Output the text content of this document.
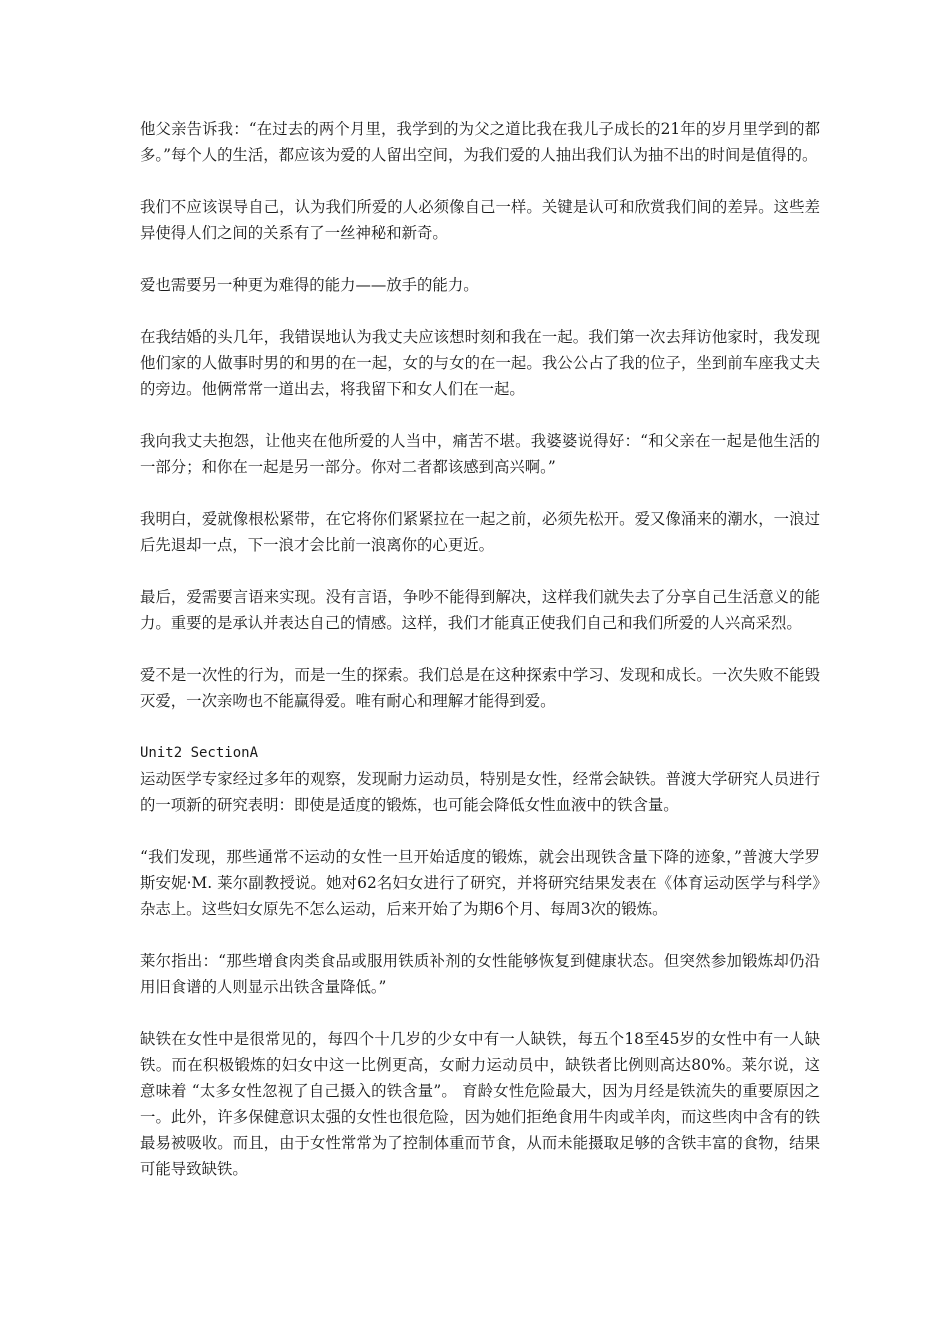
他父亲告诉我：“在过去的两个月里，我学到的为父之道比我在我儿子成长的21年的岁月里学到的都多。”每个人的生活，都应该为爱的人留出空间，为我们爱的人抽出我们认为抽不出的时间是值得的。

我们不应该误导自己，认为我们所爱的人必须像自己一样。关键是认可和欣赏我们间的差异。这些差异使得人们之间的关系有了一丝神秘和新奇。

爱也需要另一种更为难得的能力——放手的能力。

在我结婚的头几年，我错误地认为我丈夫应该想时刻和我在一起。我们第一次去拜访他家时，我发现他们家的人做事时男的和男的在一起，女的与女的在一起。我公公占了我的位子，坐到前车座我丈夫的旁边。他俩常常一道出去，将我留下和女人们在一起。

我向我丈夫抱怨，让他夹在他所爱的人当中，痛苦不堪。我婆婆说得好：“和父亲在一起是他生活的一部分；和你在一起是另一部分。你对二者都该感到高兴啊。”

我明白，爱就像根松紧带，在它将你们紧紧拉在一起之前，必须先松开。爱又像涌来的潮水，一浪过后先退却一点，下一浪才会比前一浪离你的心更近。

最后，爱需要言语来实现。没有言语，争吵不能得到解决，这样我们就失去了分享自己生活意义的能力。重要的是承认并表达自己的情感。这样，我们才能真正使我们自己和我们所爱的人兴高采烈。

爱不是一次性的行为，而是一生的探索。我们总是在这种探索中学习、发现和成长。一次失败不能毁灭爱，一次亲吻也不能赢得爱。唯有耐心和理解才能得到爱。

Unit2 SectionA

运动医学专家经过多年的观察，发现耐力运动员，特别是女性，经常会缺铁。普渡大学研究人员进行的一项新的研究表明：即使是适度的锻炼，也可能会降低女性血液中的铁含量。

“我们发现，那些通常不运动的女性一旦开始适度的锻炼，就会出现铁含量下降的迹象，”普渡大学罗斯安妮·M. 莱尔副教授说。她对62名妇女进行了研究，并将研究结果发表在《体育运动医学与科学》杂志上。这些妇女原先不怎么运动，后来开始了为期6个月、每周3次的锻炼。

莱尔指出：“那些增食肉类食品或服用铁质补剂的女性能够恢复到健康状态。但突然参加锻炼却仍沿用旧食谱的人则显示出铁含量降低。”

缺铁在女性中是很常见的，每四个十几岁的少女中有一人缺铁，每五个18至45岁的女性中有一人缺铁。而在积极锻炼的妇女中这一比例更高，女耐力运动员中，缺铁者比例则高达80%。莱尔说，这意味着 “太多女性忽视了自己摄入的铁含量”。 育龄女性危险最大，因为月经是铁流失的重要原因之一。此外，许多保健意识太强的女性也很危险，因为她们拒绝食用牛肉或羊肉，而这些肉中含有的铁最易被吸收。而且，由于女性常常为了控制体重而节食，从而未能摄取足够的含铁丰富的食物，结果可能导致缺铁。
